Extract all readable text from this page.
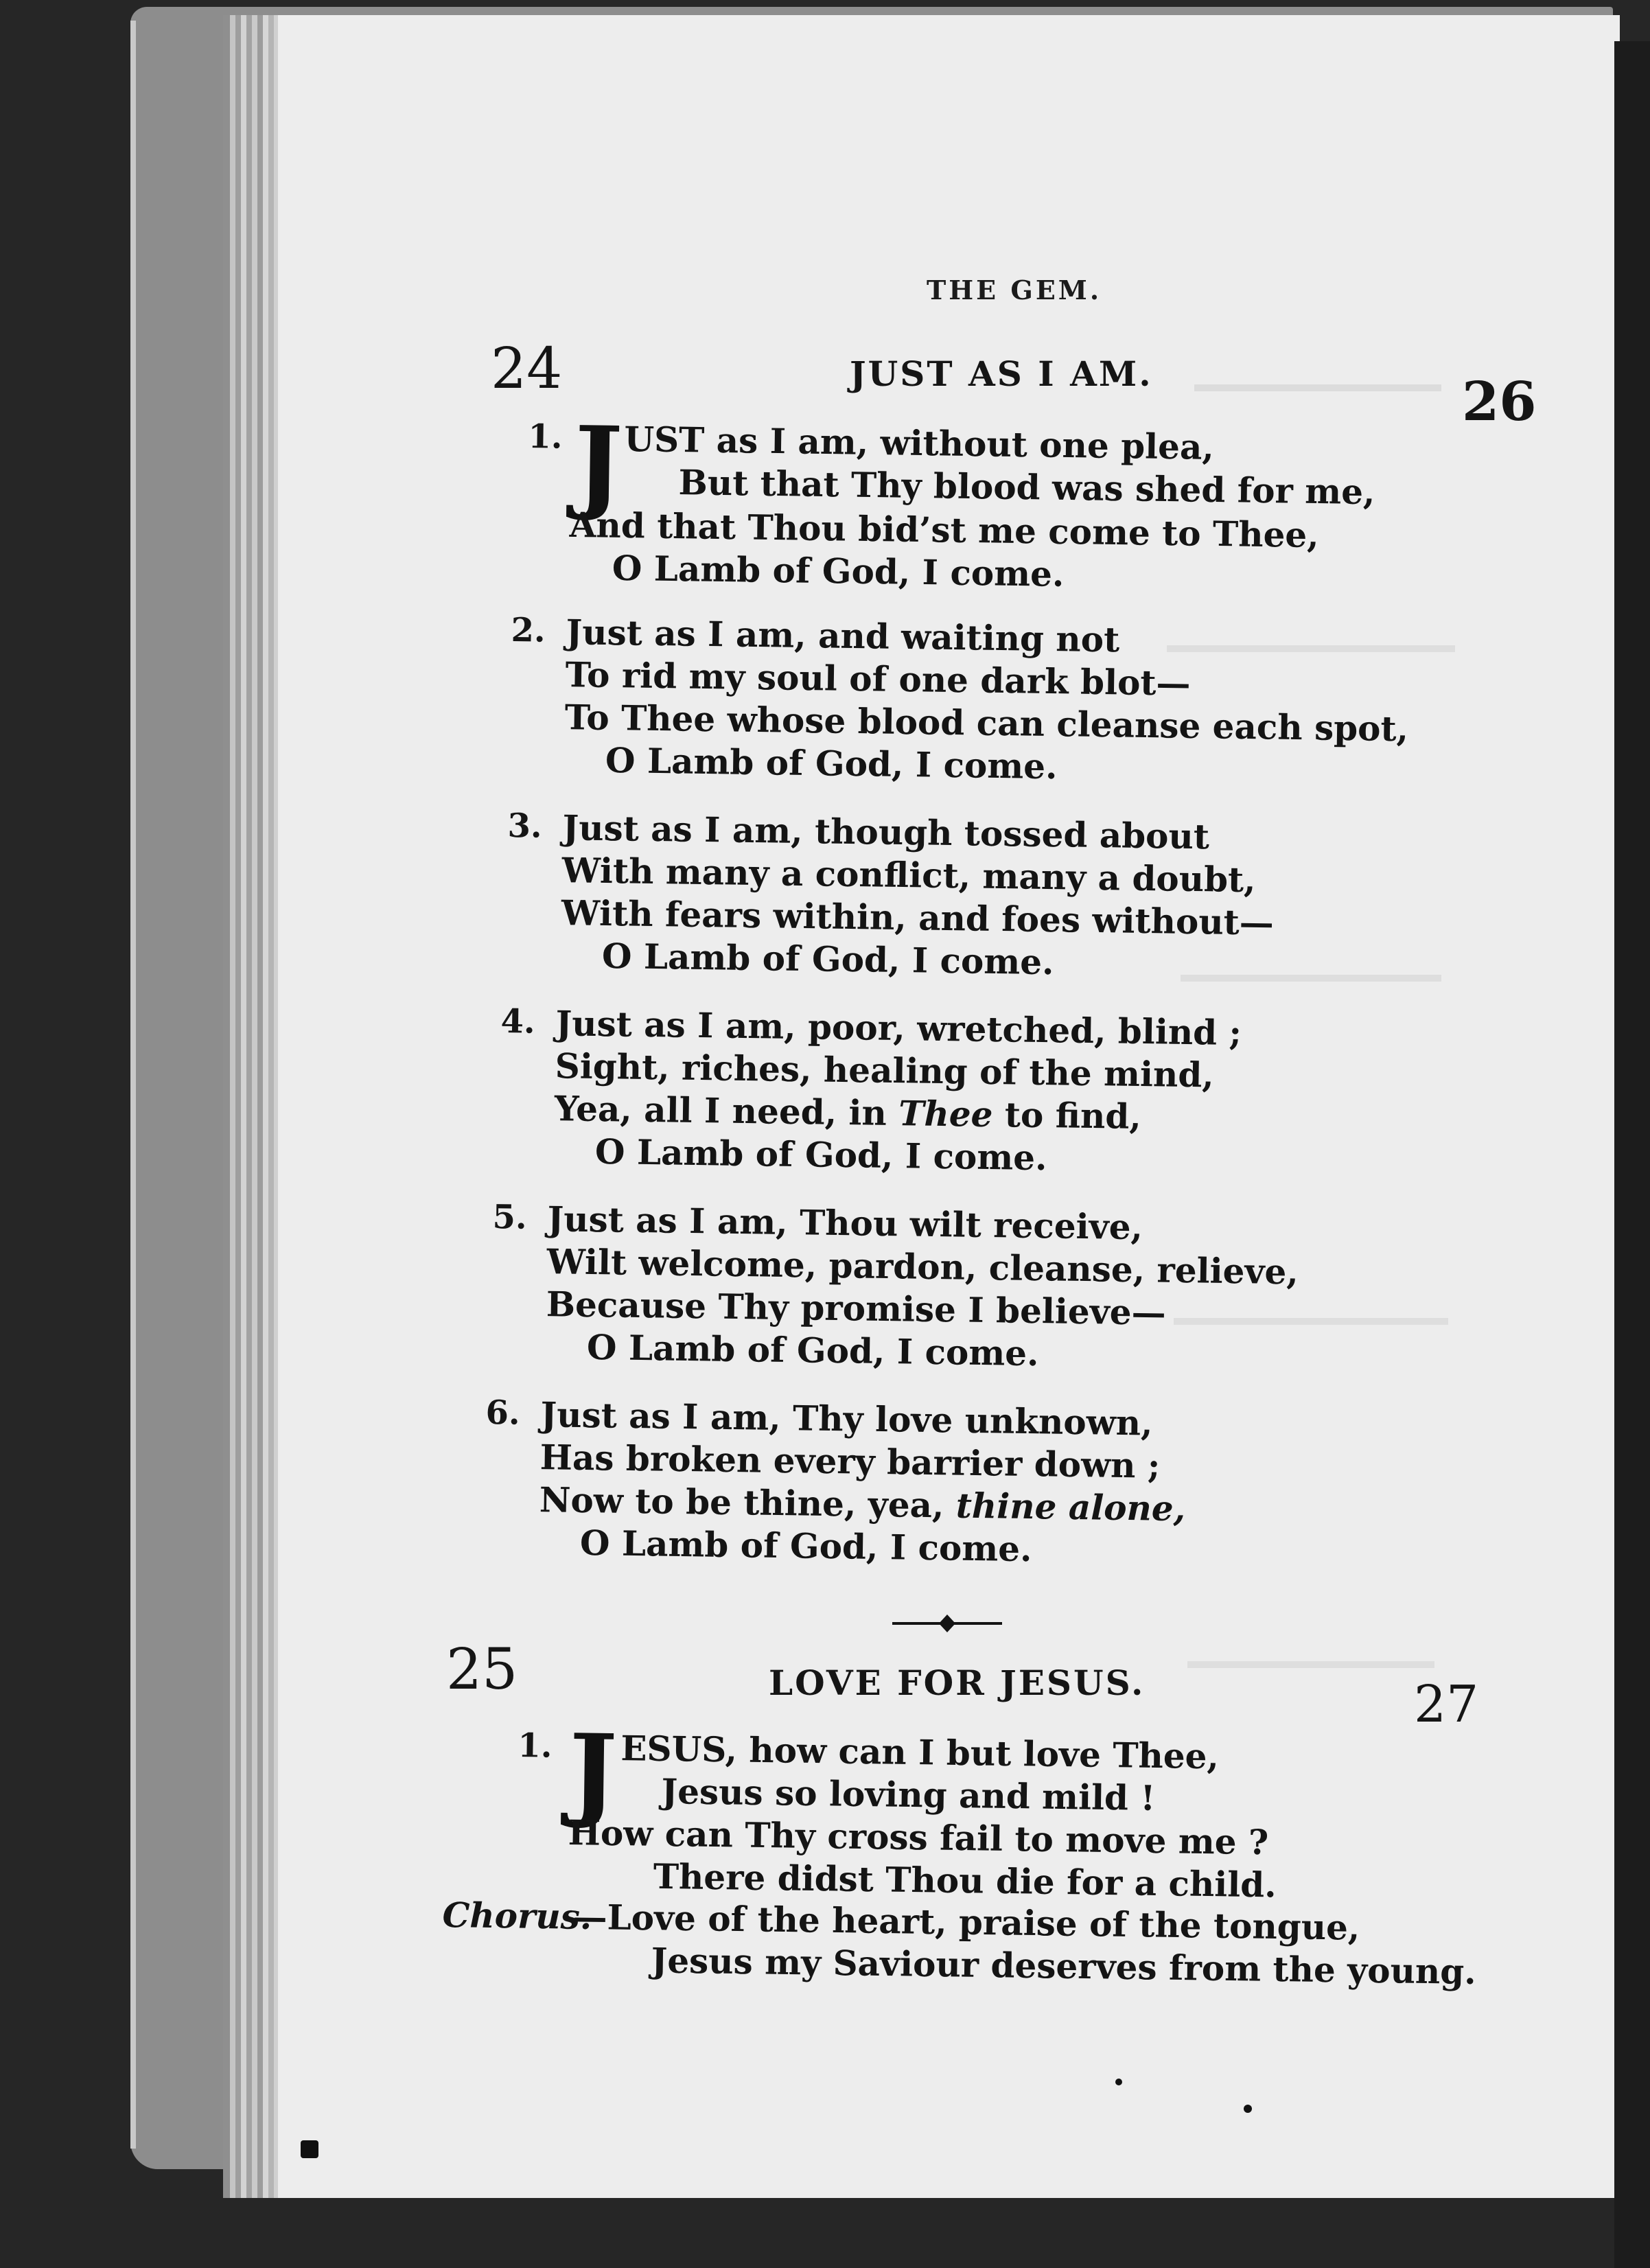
THE GEM.
24	JUST AS I AM.	26
1. J UST as I am, without one plea,
But that Thy blood was shed for me,
And that Thou bid’st me come to Thee,
O Lamb of God, I come.
2. Just as I am, and waiting not
To rid my soul of one dark blot—
To Thee whose blood can cleanse each spot,
O Lamb of God, I come.
3. Just as I am, though tossed about
With many a conflict, many a doubt,
With fears within, and foes without—
O Lamb of God, I come.
4. Just as I am, poor, wretched, blind ;
Sight, riches, healing of the mind,
Yea, all I need, in Thee to find,
O Lamb of God, I come.
5. Just as I am, Thou wilt receive,
Wilt welcome, pardon, cleanse, relieve,
Because Thy promise I believe—
O Lamb of God, I come.
6. Just as I am, Thy love unknown,
Has broken every barrier down ;
Now to be thine, yea, thine alone,
O Lamb of God, I come.
25	LOVE FOR JESUS.	27
1. J ESUS, how can I but love Thee,
Jesus so loving and mild !
How can Thy cross fail to move me ?
There didst Thou die for a child.
Chorus.
—Love of the heart, praise of the tongue,
Jesus my Saviour deserves from the young.
